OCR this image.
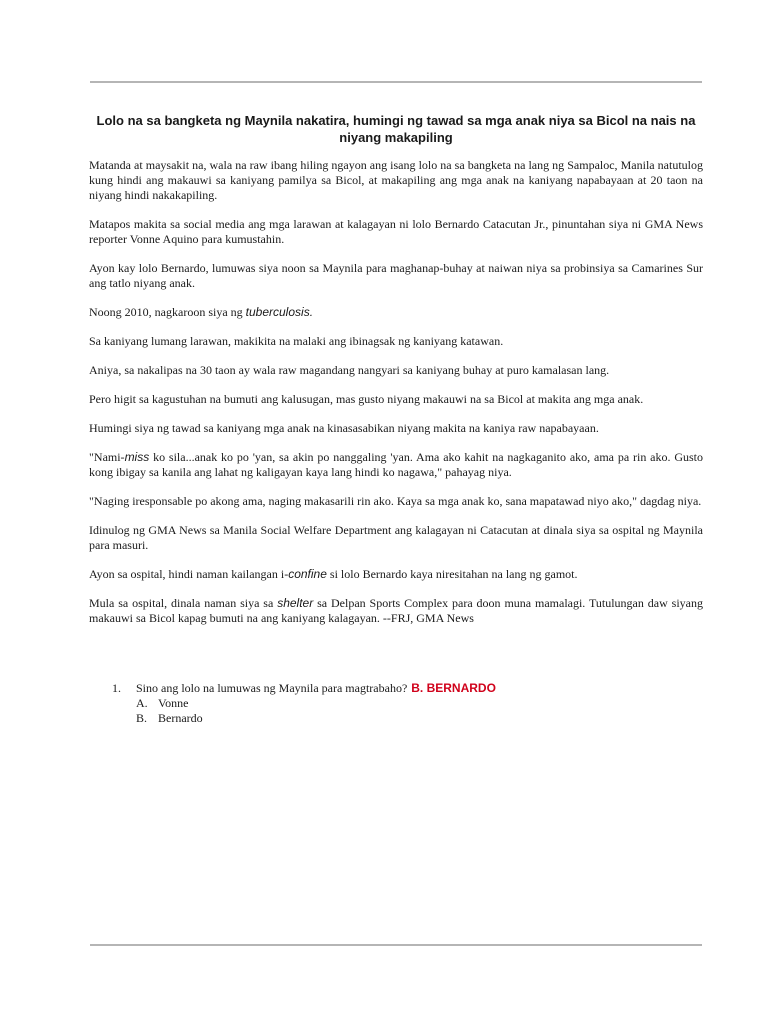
Lolo na sa bangketa ng Maynila nakatira, humingi ng tawad sa mga anak niya sa Bicol na nais na niyang makapiling

Matanda at maysakit na, wala na raw ibang hiling ngayon ang isang lolo na sa bangketa na lang ng Sampaloc, Manila natutulog kung hindi ang makauwi sa kaniyang pamilya sa Bicol, at makapiling ang mga anak na kaniyang napabayaan at 20 taon na niyang hindi nakakapiling.

Matapos makita sa social media ang mga larawan at kalagayan ni lolo Bernardo Catacutan Jr., pinuntahan siya ni GMA News reporter Vonne Aquino para kumustahin.

Ayon kay lolo Bernardo, lumuwas siya noon sa Maynila para maghanap-buhay at naiwan niya sa probinsiya sa Camarines Sur ang tatlo niyang anak.

Noong 2010, nagkaroon siya ng tuberculosis.

Sa kaniyang lumang larawan, makikita na malaki ang ibinagsak ng kaniyang katawan.

Aniya, sa nakalipas na 30 taon ay wala raw magandang nangyari sa kaniyang buhay at puro kamalasan lang.

Pero higit sa kagustuhan na bumuti ang kalusugan, mas gusto niyang makauwi na sa Bicol at makita ang mga anak.

Humingi siya ng tawad sa kaniyang mga anak na kinasasabikan niyang makita na kaniya raw napabayaan.

"Nami-miss ko sila...anak ko po 'yan, sa akin po nanggaling 'yan. Ama ako kahit na nagkaganito ako, ama pa rin ako. Gusto kong ibigay sa kanila ang lahat ng kaligayan kaya lang hindi ko nagawa," pahayag niya.

"Naging iresponsable po akong ama, naging makasarili rin ako. Kaya sa mga anak ko, sana mapatawad niyo ako," dagdag niya.

Idinulog ng GMA News sa Manila Social Welfare Department ang kalagayan ni Catacutan at dinala siya sa ospital ng Maynila para masuri.

Ayon sa ospital, hindi naman kailangan i-confine si lolo Bernardo kaya niresitahan na lang ng gamot.

Mula sa ospital, dinala naman siya sa shelter sa Delpan Sports Complex para doon muna mamalagi. Tutulungan daw siyang makauwi sa Bicol kapag bumuti na ang kaniyang kalagayan. --FRJ, GMA News

1.	Sino ang lolo na lumuwas ng Maynila para magtrabaho? B. BERNARDO
A. Vonne
B. Bernardo
